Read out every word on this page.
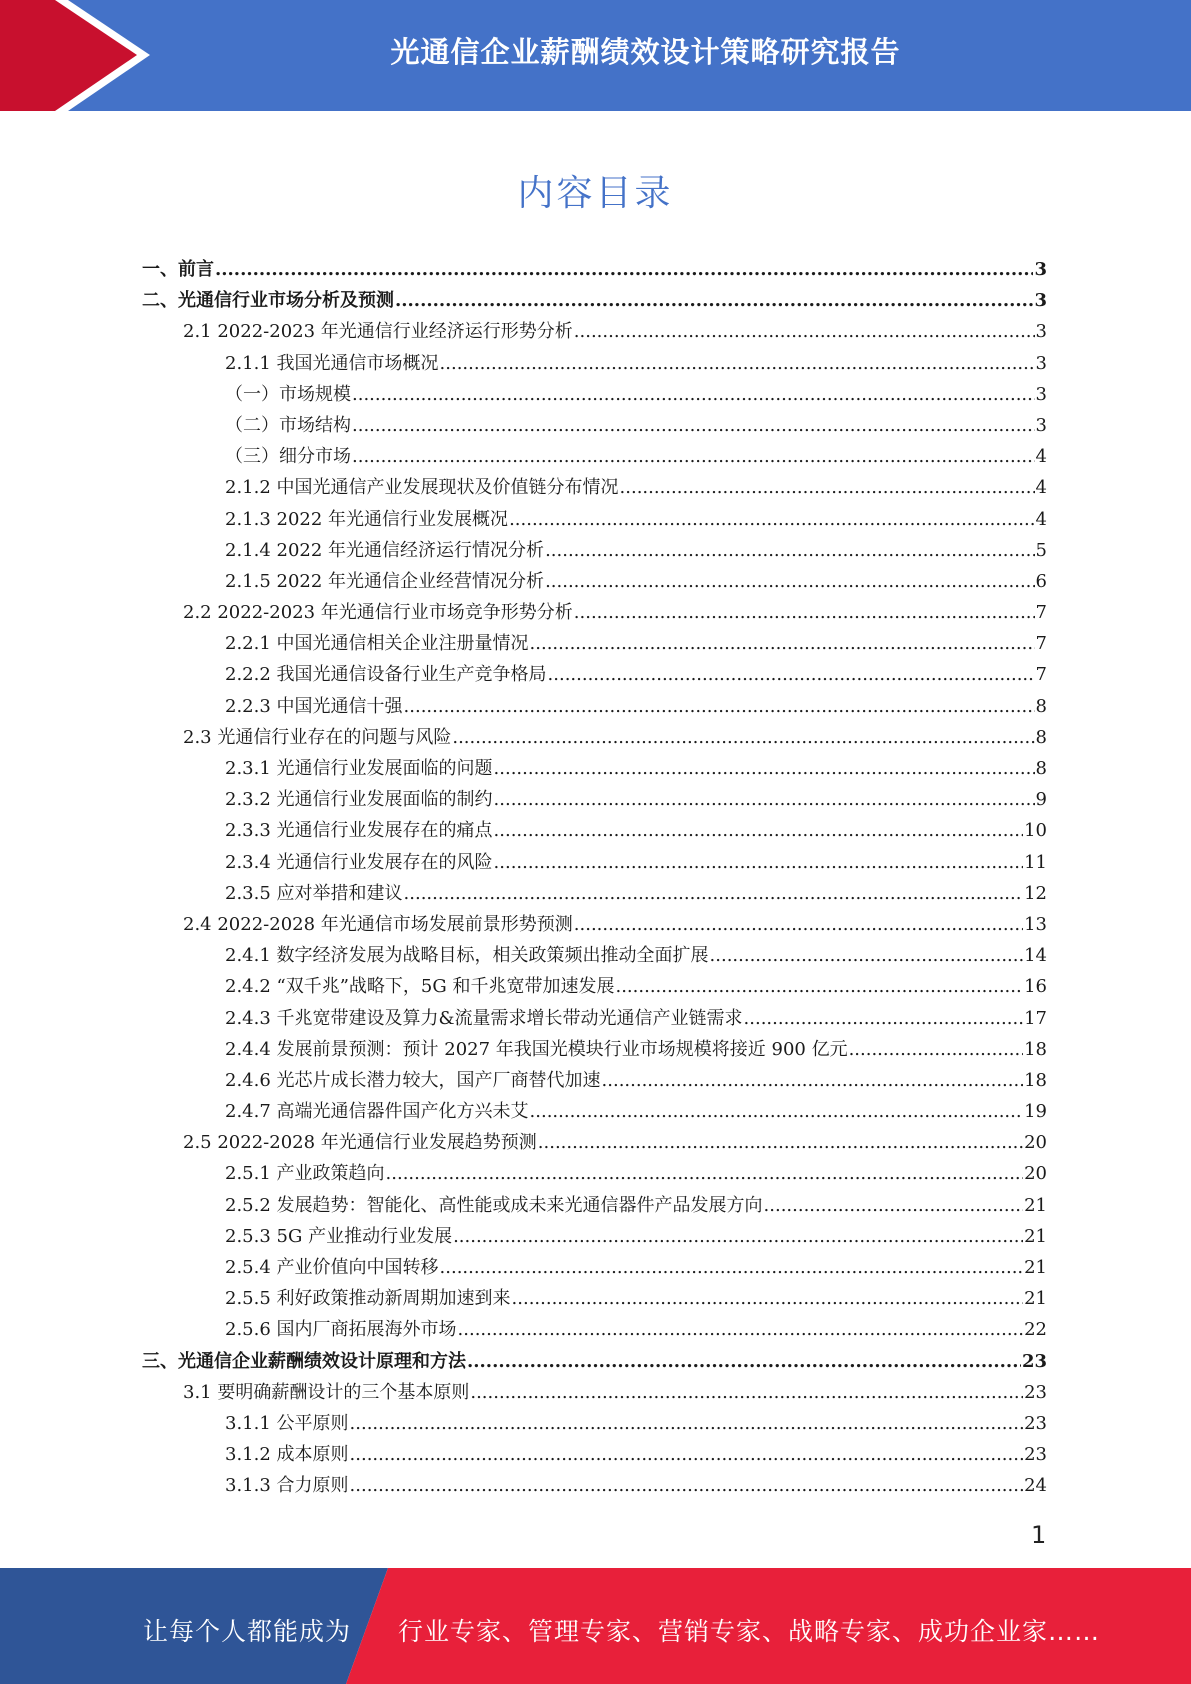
光通信企业薪酬绩效设计策略研究报告
内容目录
一、前言 .....	3
二、光通信行业市场分析及预测 .....	3
2.1 2022-2023 年光通信行业经济运行形势分析 .....	3
2.1.1 我国光通信市场概况 .....	3
（一）市场规模 .....	3
（二）市场结构 .....	3
（三）细分市场 .....	4
2.1.2 中国光通信产业发展现状及价值链分布情况 .....	4
2.1.3 2022 年光通信行业发展概况 .....	4
2.1.4 2022 年光通信经济运行情况分析 .....	5
2.1.5 2022 年光通信企业经营情况分析 .....	6
2.2 2022-2023 年光通信行业市场竞争形势分析 .....	7
2.2.1 中国光通信相关企业注册量情况 .....	7
2.2.2 我国光通信设备行业生产竞争格局 .....	7
2.2.3 中国光通信十强 .....	8
2.3 光通信行业存在的问题与风险 .....	8
2.3.1 光通信行业发展面临的问题 .....	8
2.3.2 光通信行业发展面临的制约 .....	9
2.3.3 光通信行业发展存在的痛点 .....	10
2.3.4 光通信行业发展存在的风险 .....	11
2.3.5 应对举措和建议 .....	12
2.4 2022-2028 年光通信市场发展前景形势预测 .....	13
2.4.1 数字经济发展为战略目标，相关政策频出推动全面扩展 .....	14
2.4.2 “双千兆”战略下，5G 和千兆宽带加速发展 .....	16
2.4.3 千兆宽带建设及算力&流量需求增长带动光通信产业链需求 .....	17
2.4.4 发展前景预测：预计 2027 年我国光模块行业市场规模将接近 900 亿元 .....	18
2.4.6 光芯片成长潜力较大，国产厂商替代加速 .....	18
2.4.7 高端光通信器件国产化方兴未艾 .....	19
2.5 2022-2028 年光通信行业发展趋势预测 .....	20
2.5.1 产业政策趋向 .....	20
2.5.2 发展趋势：智能化、高性能或成未来光通信器件产品发展方向 .....	21
2.5.3 5G 产业推动行业发展 .....	21
2.5.4 产业价值向中国转移 .....	21
2.5.5 利好政策推动新周期加速到来 .....	21
2.5.6 国内厂商拓展海外市场 .....	22
三、光通信企业薪酬绩效设计原理和方法 .....	23
3.1 要明确薪酬设计的三个基本原则 .....	23
3.1.1 公平原则 .....	23
3.1.2 成本原则 .....	23
3.1.3 合力原则 .....	24
1
让每个人都能成为 行业专家、管理专家、营销专家、战略专家、成功企业家……
